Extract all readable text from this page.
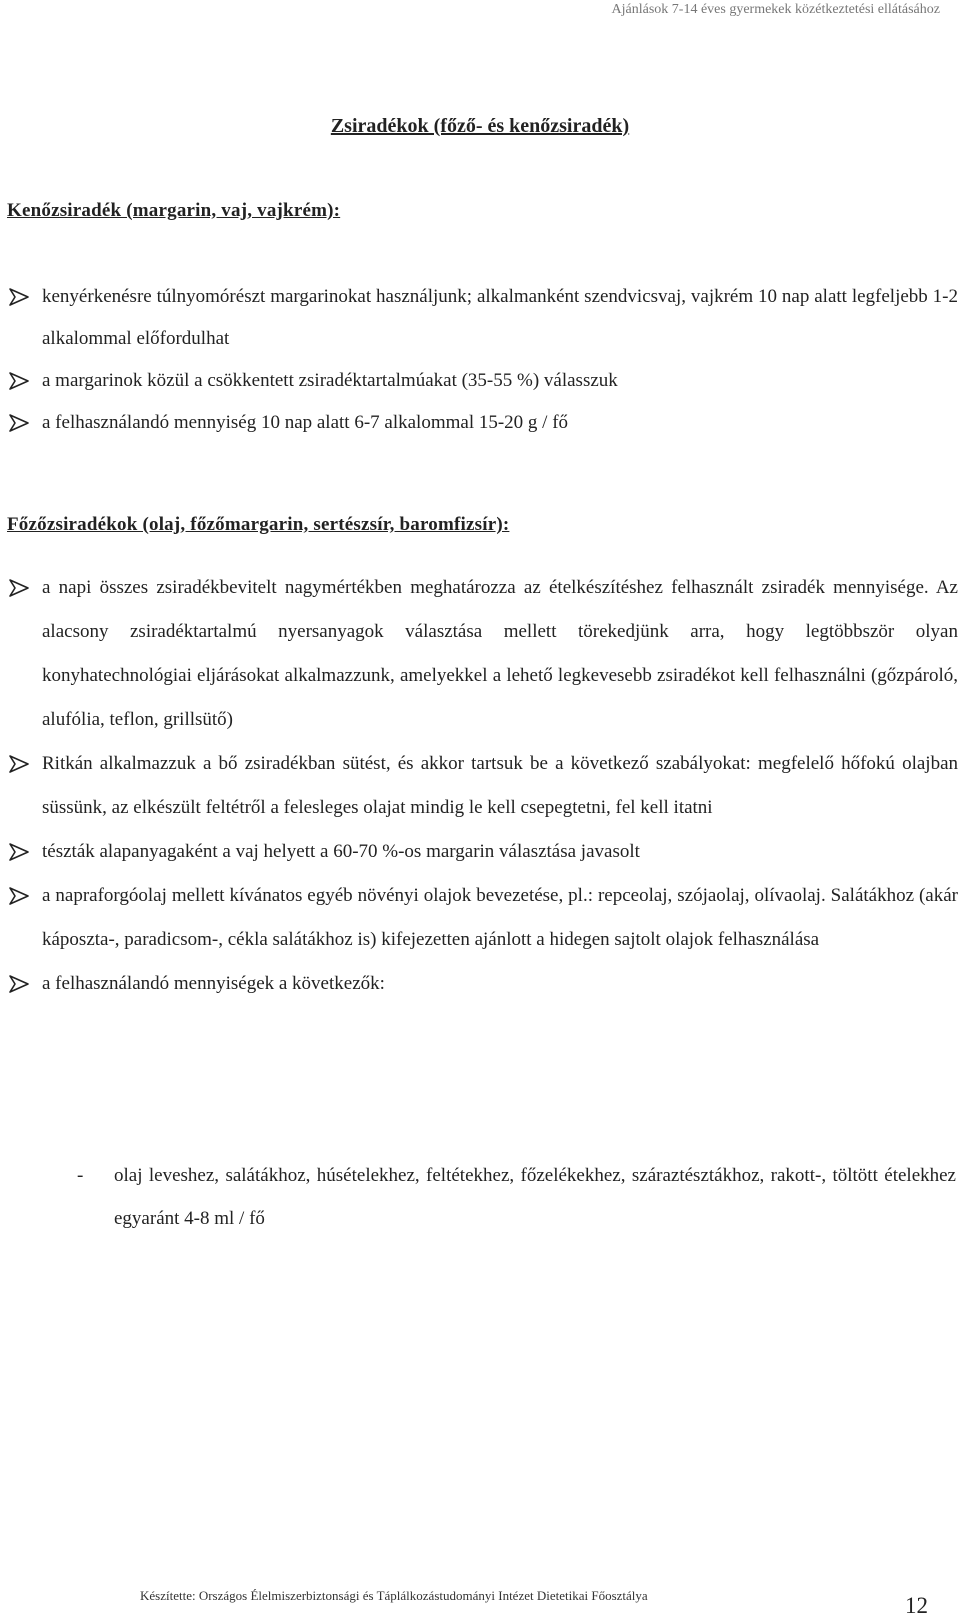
Ajánlások 7-14 éves gyermekek közétkeztetési ellátásához
Zsiradékok (főző- és kenőzsiradék)
Kenőzsiradék (margarin, vaj, vajkrém):
kenyérkenésre túlnyomórészt margarinokat használjunk; alkalmanként szendvicsvaj, vajkrém 10 nap alatt legfeljebb 1-2 alkalommal előfordulhat
a margarinok közül a csökkentett zsiradéktartalmúakat (35-55 %) válasszuk
a felhasználandó mennyiség 10 nap alatt 6-7 alkalommal 15-20 g / fő
Főzőzsiradékok (olaj, főzőmargarin, sertészsír, baromfizsír):
a napi összes zsiradékbevitelt nagymértékben meghatározza az ételkészítéshez felhasznált zsiradék mennyisége. Az alacsony zsiradéktartalmú nyersanyagok választása mellett törekedjünk arra, hogy legtöbbször olyan konyhatechnológiai eljárásokat alkalmazzunk, amelyekkel a lehető legkevesebb zsiradékot kell felhasználni (gőzpároló, alufólia, teflon, grillsütő)
Ritkán alkalmazzuk a bő zsiradékban sütést, és akkor tartsuk be a következő szabályokat: megfelelő hőfokú olajban süssünk, az elkészült feltétről a felesleges olajat mindig le kell csepegtetni, fel kell itatni
tészták alapanyagaként a vaj helyett a 60-70 %-os margarin választása javasolt
a napraforgóolaj mellett kívánatos egyéb növényi olajok bevezetése, pl.: repceolaj, szójaolaj, olívaolaj. Salátákhoz (akár káposzta-, paradicsom-, cékla salátákhoz is) kifejezetten ajánlott a hidegen sajtolt olajok felhasználása
a felhasználandó mennyiségek a következők:
-	olaj leveshez, salátákhoz, húsételekhez, feltétekhez, főzelékekhez, száraztésztákhoz, rakott-, töltött ételekhez egyaránt 4-8 ml / fő
Készítette: Országos Élelmiszerbiztonsági és Táplálkozástudományi Intézet Dietetikai Főosztálya	12
